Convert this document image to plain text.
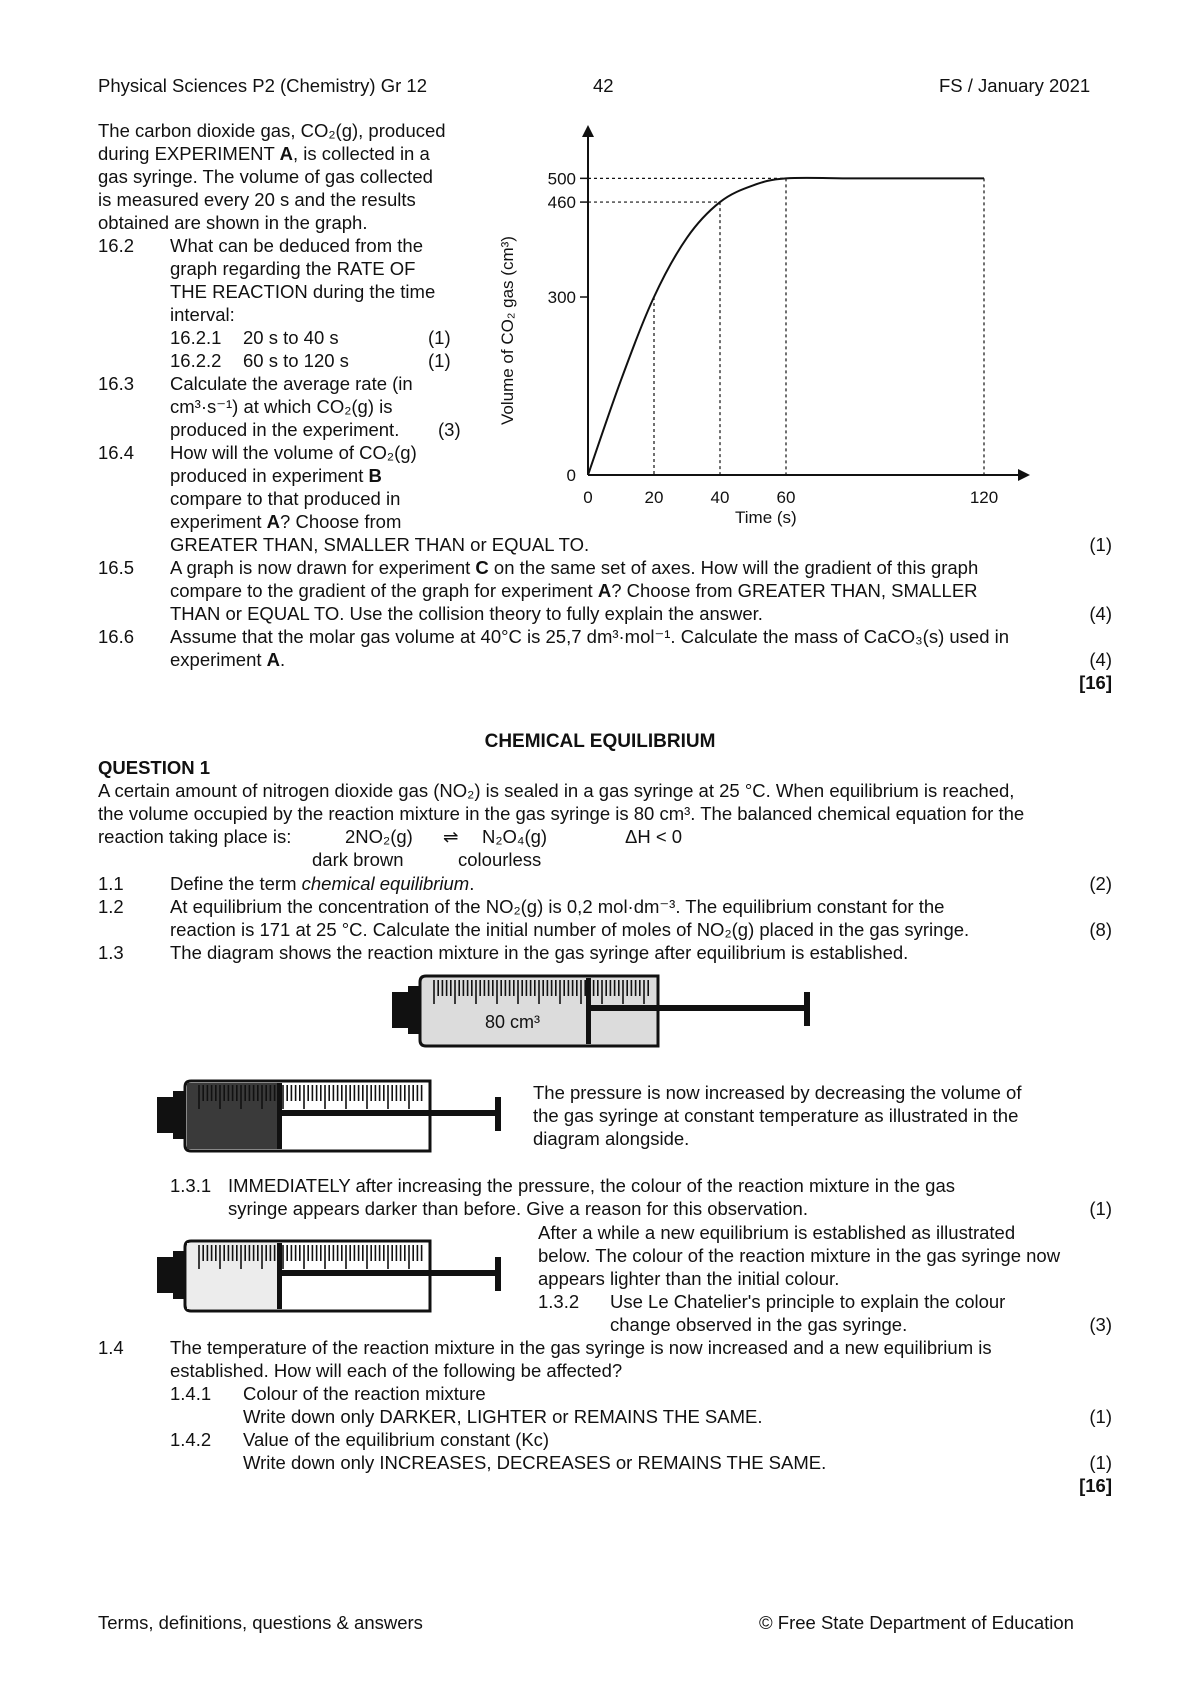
Physical Sciences P2 (Chemistry) Gr 12	42	FS / January 2021
The carbon dioxide gas, CO₂(g), produced
during EXPERIMENT A, is collected in a
gas syringe. The volume of gas collected
is measured every 20 s and the results
obtained are shown in the graph.
16.2 What can be deduced from the
graph regarding the RATE OF
THE REACTION during the time
interval:
16.2.1 20 s to 40 s	(1)
16.2.2 60 s to 120 s	(1)
16.3 Calculate the average rate (in
cm³·s⁻¹) at which CO₂(g) is
produced in the experiment. (3)
16.4 How will the volume of CO₂(g)
produced in experiment B
compare to that produced in
experiment A? Choose from
GREATER THAN, SMALLER THAN or EQUAL TO.	(1)
16.5 A graph is now drawn for experiment C on the same set of axes. How will the gradient of this graph
compare to the gradient of the graph for experiment A? Choose from GREATER THAN, SMALLER
THAN or EQUAL TO. Use the collision theory to fully explain the answer.	(4)
16.6 Assume that the molar gas volume at 40°C is 25,7 dm³·mol⁻¹. Calculate the mass of CaCO₃(s) used in
experiment A.	(4)
[16]
0
300
460
500
0	20	40	60	120
Time (s)
Volume of CO₂ gas (cm³)
CHEMICAL EQUILIBRIUM
QUESTION 1
A certain amount of nitrogen dioxide gas (NO₂) is sealed in a gas syringe at 25 °C. When equilibrium is reached,
the volume occupied by the reaction mixture in the gas syringe is 80 cm³. The balanced chemical equation for the
reaction taking place is:	2NO₂(g) ⇌ N₂O₄(g)	ΔH < 0
dark brown	colourless
1.1	Define the term chemical equilibrium.	(2)
1.2	At equilibrium the concentration of the NO₂(g) is 0,2 mol·dm⁻³. The equilibrium constant for the
reaction is 171 at 25 °C. Calculate the initial number of moles of NO₂(g) placed in the gas syringe.	(8)
1.3	The diagram shows the reaction mixture in the gas syringe after equilibrium is established.
80 cm³
The pressure is now increased by decreasing the volume of
the gas syringe at constant temperature as illustrated in the
diagram alongside.
1.3.1 IMMEDIATELY after increasing the pressure, the colour of the reaction mixture in the gas
syringe appears darker than before. Give a reason for this observation.	(1)
After a while a new equilibrium is established as illustrated
below. The colour of the reaction mixture in the gas syringe now
appears lighter than the initial colour.
1.3.2 Use Le Chatelier's principle to explain the colour
change observed in the gas syringe.	(3)
1.4	The temperature of the reaction mixture in the gas syringe is now increased and a new equilibrium is
established. How will each of the following be affected?
1.4.1 Colour of the reaction mixture
Write down only DARKER, LIGHTER or REMAINS THE SAME.	(1)
1.4.2 Value of the equilibrium constant (Kc)
Write down only INCREASES, DECREASES or REMAINS THE SAME.	(1)
[16]
Terms, definitions, questions & answers	© Free State Department of Education
